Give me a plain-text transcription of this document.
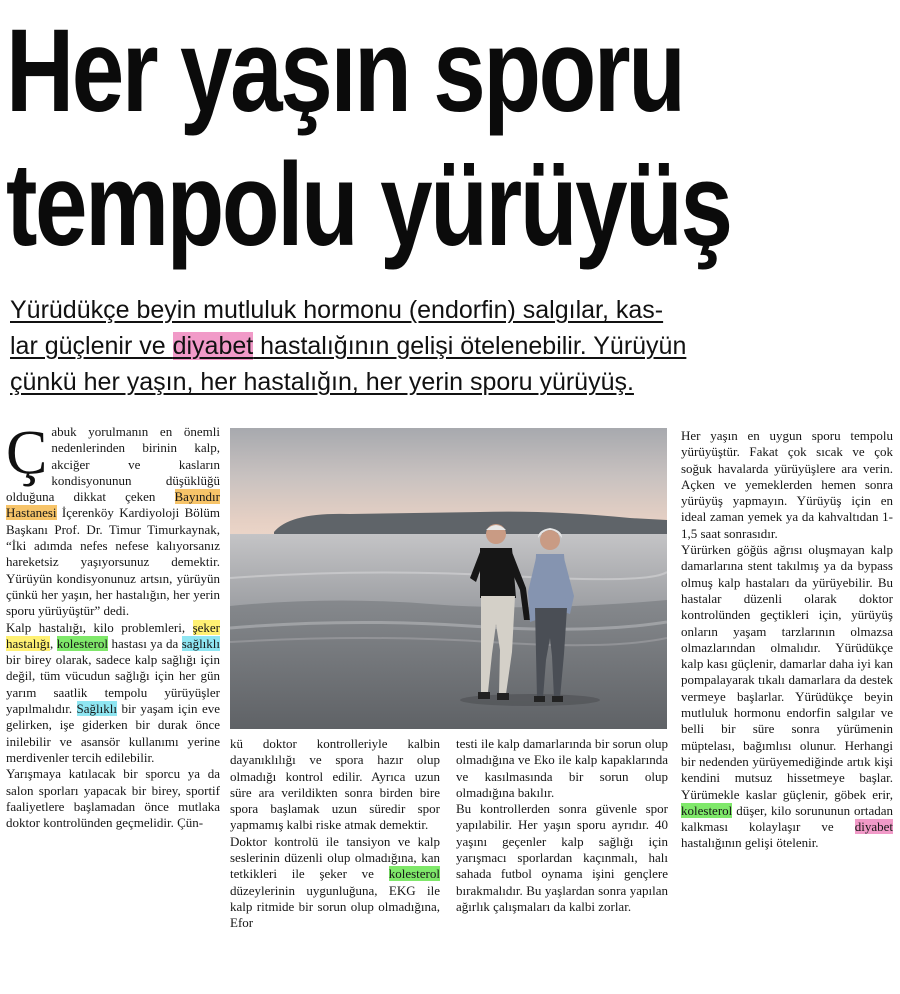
Her yaşın sporu
tempolu yürüyüş
Yürüdükçe beyin mutluluk hormonu (endorfin) salgılar, kas-
lar güçlenir ve diyabet hastalığının gelişi ötelenebilir. Yürüyün
çünkü her yaşın, her hastalığın, her yerin sporu yürüyüş.

Çabuk yorulmanın en önemli nedenlerinden birinin kalp, akciğer ve kasların kondisyonunun düşüklüğü olduğuna dikkat çeken Bayındır Hastanesi İçerenköy Kardiyoloji Bölüm Başkanı Prof. Dr. Timur Timurkaynak, “İki adımda nefes nefese kalıyorsanız hareketsiz yaşıyorsunuz demektir. Yürüyün kondisyonunuz artsın, yürüyün çünkü her yaşın, her hastalığın, her yerin sporu yürüyüştür” dedi.

Kalp hastalığı, kilo problemleri, şeker hastalığı, kolesterol hastası ya da sağlıklı bir birey olarak, sadece kalp sağlığı için değil, tüm vücudun sağlığı için her gün yarım saatlik tempolu yürüyüşler yapılmalıdır. Sağlıklı bir yaşam için eve gelirken, işe giderken bir durak önce inilebilir ve asansör kullanımı yerine merdivenler tercih edilebilir.

Yarışmaya katılacak bir sporcu ya da salon sporları yapacak bir birey, sportif faaliyetlere başlamadan önce mutlaka doktor kontrolünden geçmelidir. Çün-

kü doktor kontrolleriyle kalbin dayanıklılığı ve spora hazır olup olmadığı kontrol edilir. Ayrıca uzun süre ara verildikten sonra birden bire spora başlamak uzun süredir spor yapmamış kalbi riske atmak demektir.

Doktor kontrolü ile tansiyon ve kalp seslerinin düzenli olup olmadığına, kan tetkikleri ile şeker ve kolesterol düzeylerinin uygunluğuna, EKG ile kalp ritmide bir sorun olup olmadığına, Efor

testi ile kalp damarlarında bir sorun olup olmadığına ve Eko ile kalp kapaklarında ve kasılmasında bir sorun olup olmadığına bakılır.

Bu kontrollerden sonra güvenle spor yapılabilir. Her yaşın sporu ayrıdır. 40 yaşını geçenler kalp sağlığı için yarışmacı sporlardan kaçınmalı, halı sahada futbol oynama işini gençlere bırakmalıdır. Bu yaşlardan sonra yapılan ağırlık çalışmaları da kalbi zorlar.

Her yaşın en uygun sporu tempolu yürüyüştür. Fakat çok sıcak ve çok soğuk havalarda yürüyüşlere ara verin. Açken ve yemeklerden hemen sonra yürüyüş yapmayın. Yürüyüş için en ideal zaman yemek ya da kahvaltıdan 1-1,5 saat sonrasıdır.

Yürürken göğüs ağrısı oluşmayan kalp damarlarına stent takılmış ya da bypass olmuş kalp hastaları da yürüyebilir. Bu hastalar düzenli olarak doktor kontrolünden geçtikleri için, yürüyüş onların yaşam tarzlarının olmazsa olmazlarından olmalıdır. Yürüdükçe kalp kası güçlenir, damarlar daha iyi kan pompalayarak tıkalı damarlara da destek vermeye başlarlar. Yürüdükçe beyin mutluluk hormonu endorfin salgılar ve belli bir süre sonra yürümenin müptelası, bağımlısı olunur. Herhangi bir nedenden yürüyemediğinde artık kişi kendini mutsuz hissetmeye başlar. Yürümekle kaslar güçlenir, göbek erir, kolesterol düşer, kilo sorununun ortadan kalkması kolaylaşır ve diyabet hastalığının gelişi ötelenir.
